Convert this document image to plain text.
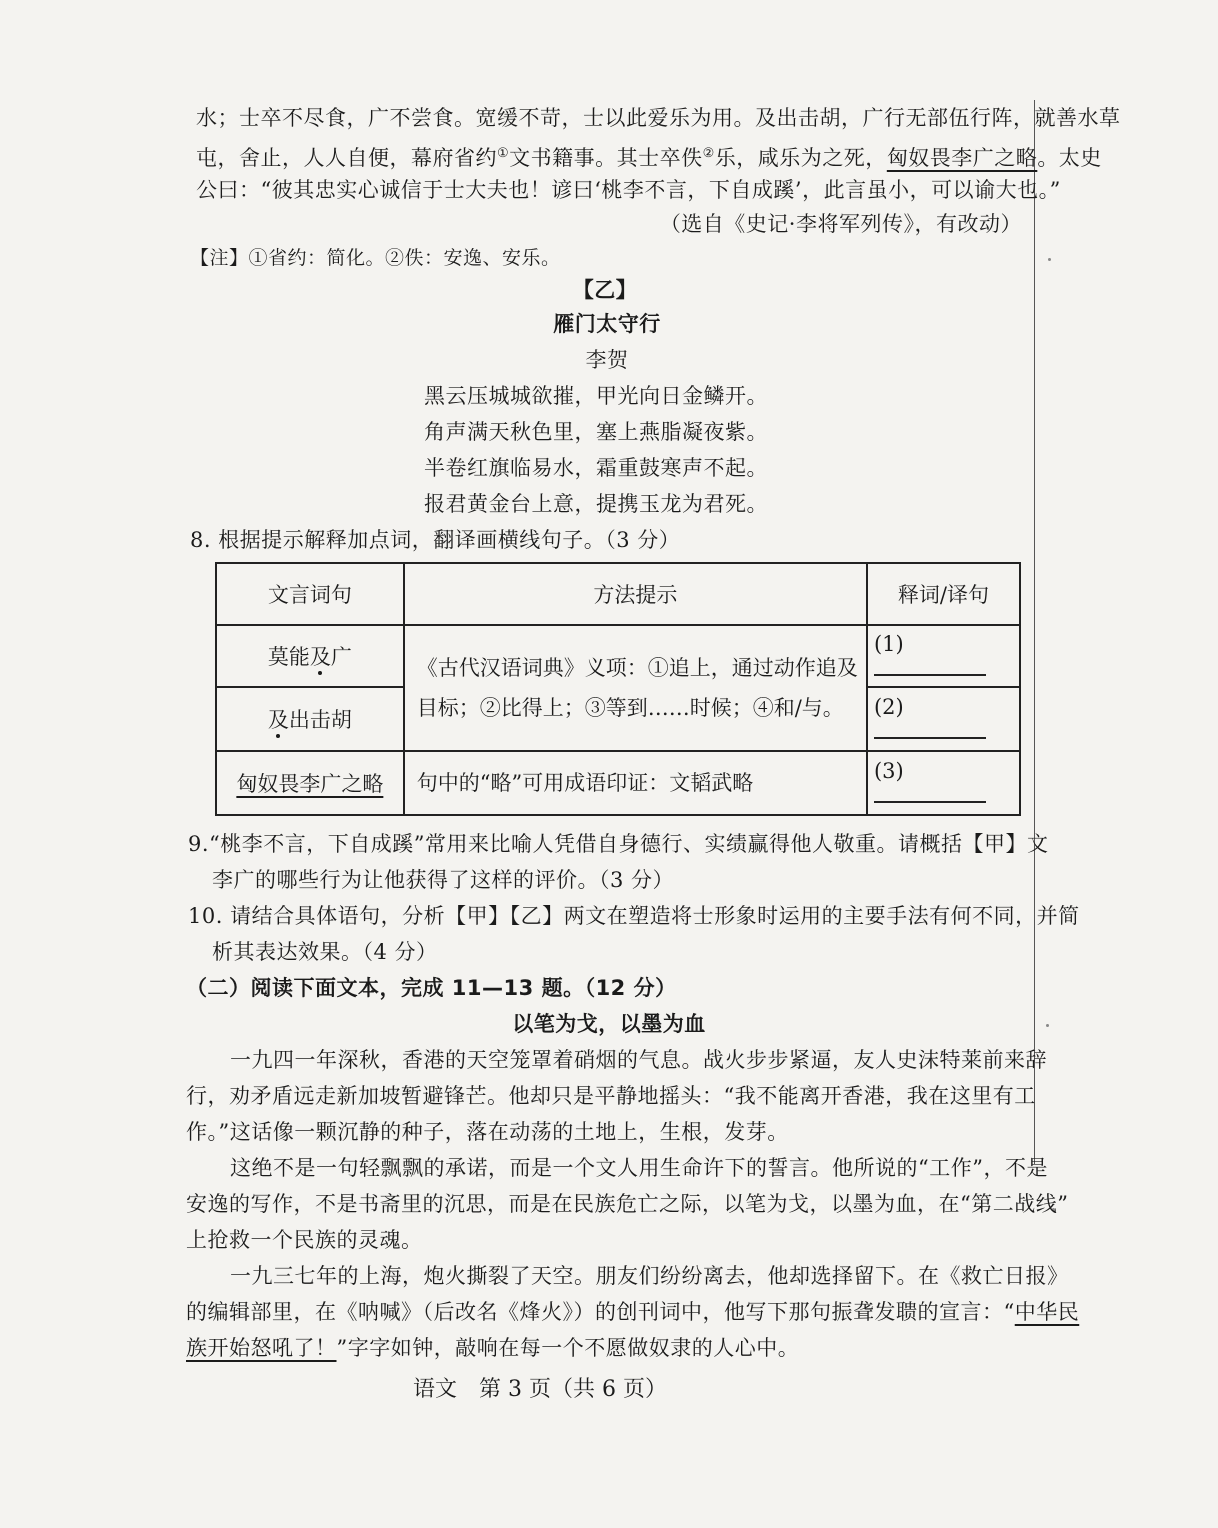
水；士卒不尽食，广不尝食。宽缓不苛，士以此爱乐为用。及出击胡，广行无部伍行阵，就善水草
屯，舍止，人人自便，幕府省约①文书籍事。其士卒佚②乐，咸乐为之死，匈奴畏李广之略。太史
公曰：“彼其忠实心诚信于士大夫也！谚曰‘桃李不言，下自成蹊’，此言虽小，可以谕大也。”
（选自《史记·李将军列传》，有改动）
【注】①省约：简化。②佚：安逸、安乐。
【乙】
雁门太守行
李贺
黑云压城城欲摧，甲光向日金鳞开。
角声满天秋色里，塞上燕脂凝夜紫。
半卷红旗临易水，霜重鼓寒声不起。
报君黄金台上意，提携玉龙为君死。
8. 根据提示解释加点词，翻译画横线句子。（3 分）
文言词句	方法提示	释词/译句
莫能及广	《古代汉语词典》义项：①追上，通过动作追及目标；②比得上；③等到……时候；④和/与。	(1)
及出击胡		(2)
匈奴畏李广之略	句中的“略”可用成语印证：文韬武略	(3)
9.“桃李不言，下自成蹊”常用来比喻人凭借自身德行、实绩赢得他人敬重。请概括【甲】文
李广的哪些行为让他获得了这样的评价。（3 分）
10. 请结合具体语句，分析【甲】【乙】两文在塑造将士形象时运用的主要手法有何不同，并简
析其表达效果。（4 分）
（二）阅读下面文本，完成 11—13 题。（12 分）
以笔为戈，以墨为血
一九四一年深秋，香港的天空笼罩着硝烟的气息。战火步步紧逼，友人史沫特莱前来辞
行，劝矛盾远走新加坡暂避锋芒。他却只是平静地摇头：“我不能离开香港，我在这里有工
作。”这话像一颗沉静的种子，落在动荡的土地上，生根，发芽。
这绝不是一句轻飘飘的承诺，而是一个文人用生命许下的誓言。他所说的“工作”，不是
安逸的写作，不是书斋里的沉思，而是在民族危亡之际，以笔为戈，以墨为血，在“第二战线”
上抢救一个民族的灵魂。
一九三七年的上海，炮火撕裂了天空。朋友们纷纷离去，他却选择留下。在《救亡日报》
的编辑部里，在《呐喊》（后改名《烽火》）的创刊词中，他写下那句振聋发聩的宣言：“中华民
族开始怒吼了！”字字如钟，敲响在每一个不愿做奴隶的人心中。
语文　第 3 页（共 6 页）
